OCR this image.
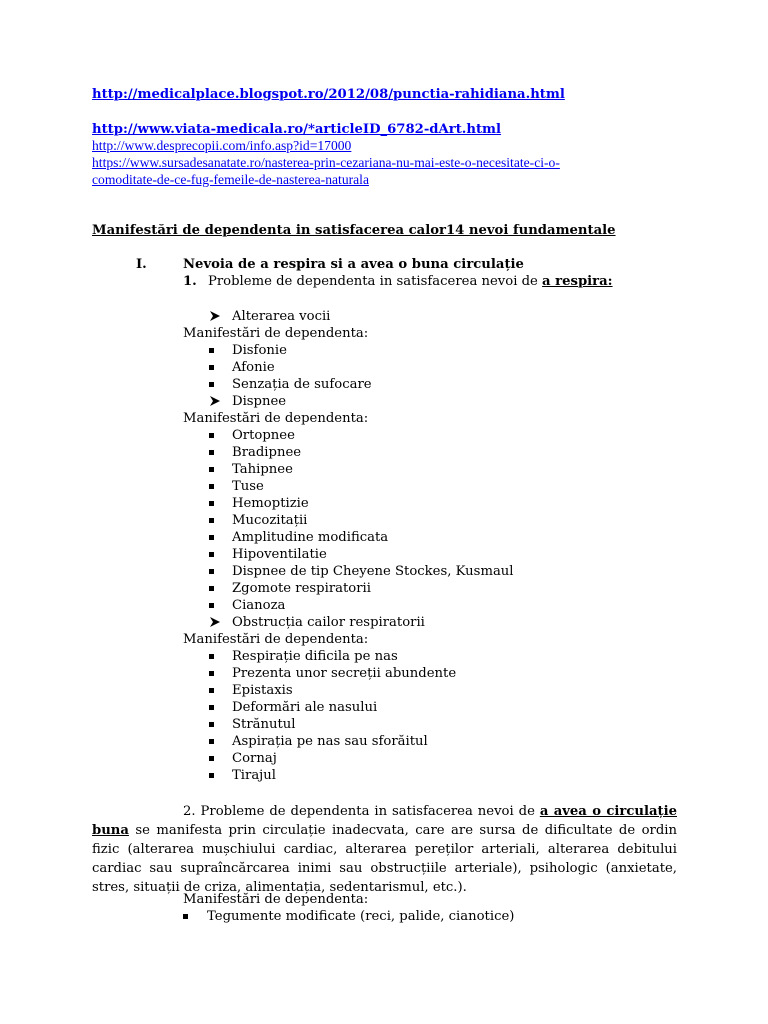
http://medicalplace.blogspot.ro/2012/08/punctia-rahidiana.html
http://www.viata-medicala.ro/*articleID_6782-dArt.html
http://www.desprecopii.com/info.asp?id=17000
https://www.sursadesanatate.ro/nasterea-prin-cezariana-nu-mai-este-o-necesitate-ci-o-
comoditate-de-ce-fug-femeile-de-nasterea-naturala
Manifestări de dependenta in satisfacerea calor14 nevoi fundamentale
I.	Nevoia de a respira si a avea o buna circulație
1. Probleme de dependenta in satisfacerea nevoi de a respira:
Alterarea vocii
Manifestări de dependenta:
Disfonie
Afonie
Senzația de sufocare
Dispnee
Manifestări de dependenta:
Ortopnee
Bradipnee
Tahipnee
Tuse
Hemoptizie
Mucozitații
Amplitudine modificata
Hipoventilatie
Dispnee de tip Cheyene Stockes, Kusmaul
Zgomote respiratorii
Cianoza
Obstrucția cailor respiratorii
Manifestări de dependenta:
Respirație dificila pe nas
Prezenta unor secreții abundente
Epistaxis
Deformări ale nasului
Strănutul
Aspirația pe nas sau sforăitul
Cornaj
Tirajul
2. Probleme de dependenta in satisfacerea nevoi de a avea o circulație buna se manifesta prin circulație inadecvata, care are sursa de dificultate de ordin fizic (alterarea mușchiului cardiac, alterarea pereților arteriali, alterarea debitului cardiac sau supraîncărcarea inimi sau obstrucțiile arteriale), psihologic (anxietate, stres, situații de criza, alimentația, sedentarismul, etc.).
Manifestări de dependenta:
Tegumente modificate (reci, palide, cianotice)
